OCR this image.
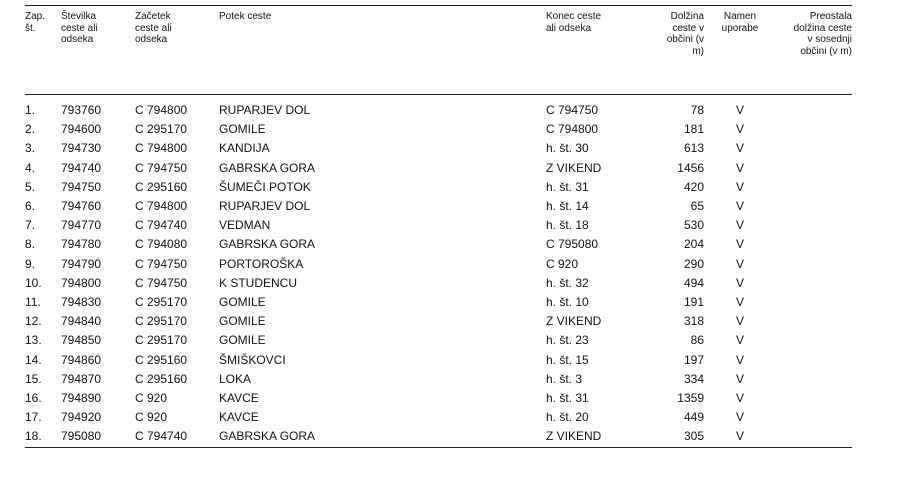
Zap. št.	Številka ceste ali odseka	Začetek ceste ali odseka	Potek ceste	Konec ceste ali odseka	Dolžina ceste v občini (v m)	Namen uporabe	Preostala dolžina ceste v sosednji občini (v m)
1.	793760	C 794800	RUPARJEV DOL	C 794750	78	V	
2.	794600	C 295170	GOMILE	C 794800	181	V	
3.	794730	C 794800	KANDIJA	h. št. 30	613	V	
4.	794740	C 794750	GABRSKA GORA	Z VIKEND	1456	V	
5.	794750	C 295160	ŠUMEČI POTOK	h. št. 31	420	V	
6.	794760	C 794800	RUPARJEV DOL	h. št. 14	65	V	
7.	794770	C 794740	VEDMAN	h. št. 18	530	V	
8.	794780	C 794080	GABRSKA GORA	C 795080	204	V	
9.	794790	C 794750	PORTOROŠKA	C 920	290	V	
10.	794800	C 794750	K STUDENCU	h. št. 32	494	V	
11.	794830	C 295170	GOMILE	h. št. 10	191	V	
12.	794840	C 295170	GOMILE	Z VIKEND	318	V	
13.	794850	C 295170	GOMILE	h. št. 23	86	V	
14.	794860	C 295160	ŠMIŠKOVCI	h. št. 15	197	V	
15.	794870	C 295160	LOKA	h. št. 3	334	V	
16.	794890	C 920	KAVCE	h. št. 31	1359	V	
17.	794920	C 920	KAVCE	h. št. 20	449	V	
18.	795080	C 794740	GABRSKA GORA	Z VIKEND	305	V	
